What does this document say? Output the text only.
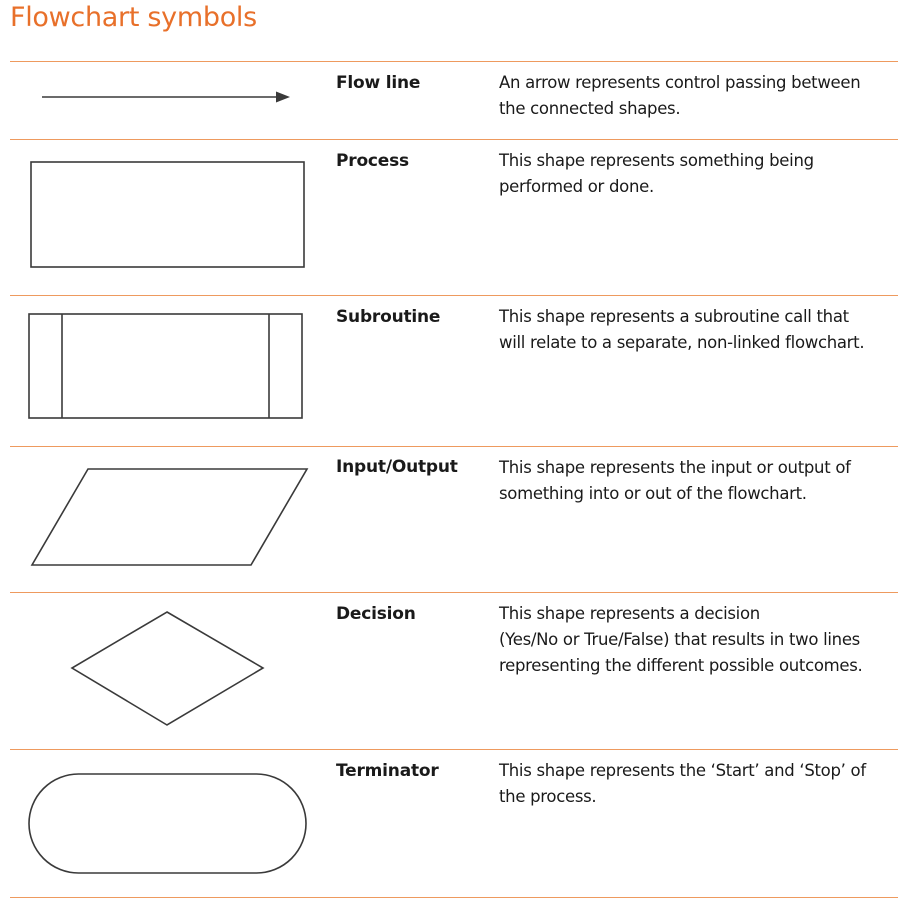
Flowchart symbols
Flow line	An arrow represents control passing between
the connected shapes.
Process	This shape represents something being
performed or done.
Subroutine	This shape represents a subroutine call that
will relate to a separate, non-linked flowchart.
Input/Output	This shape represents the input or output of
something into or out of the flowchart.
Decision	This shape represents a decision
(Yes/No or True/False) that results in two lines
representing the different possible outcomes.
Terminator	This shape represents the ‘Start’ and ‘Stop’ of
the process.
